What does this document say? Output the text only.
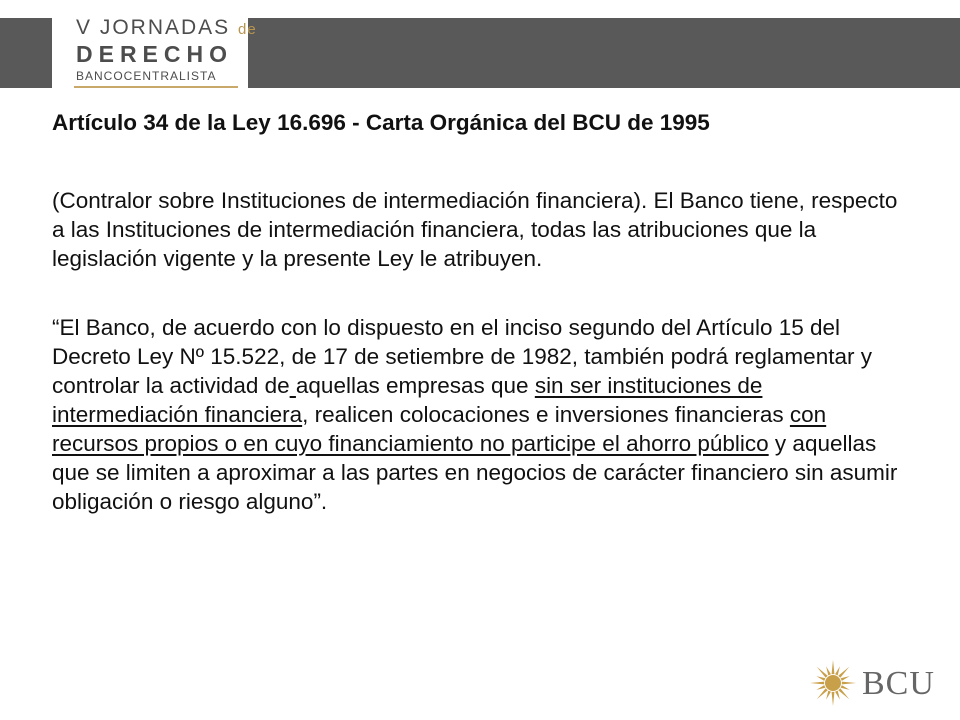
V JORNADAS de
DERECHO
BANCOCENTRALISTA

Artículo 34 de la Ley 16.696 - Carta Orgánica del BCU de 1995

(Contralor sobre Instituciones de intermediación financiera). El Banco tiene, respecto a las Instituciones de intermediación financiera, todas las atribuciones que la legislación vigente y la presente Ley le atribuyen.

“El Banco, de acuerdo con lo dispuesto en el inciso segundo del Artículo 15 del Decreto Ley Nº 15.522, de 17 de setiembre de 1982, también podrá reglamentar y controlar la actividad de aquellas empresas que sin ser instituciones de intermediación financiera, realicen colocaciones e inversiones financieras con recursos propios o en cuyo financiamiento no participe el ahorro público y aquellas que se limiten a aproximar a las partes en negocios de carácter financiero sin asumir obligación o riesgo alguno”.

BCU
